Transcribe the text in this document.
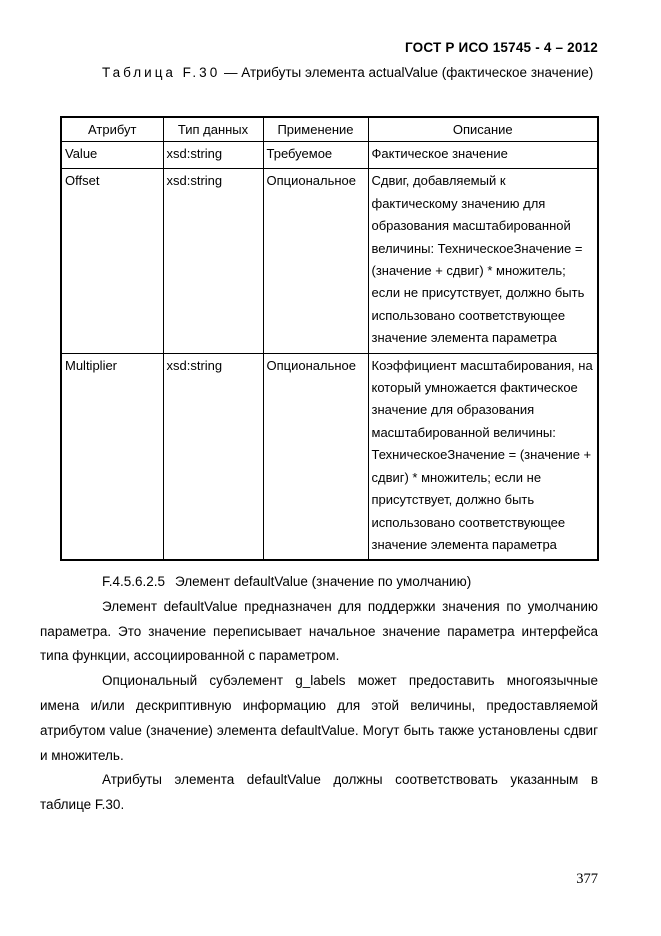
ГОСТ Р ИСО 15745 - 4 – 2012

Таблица F.30 — Атрибуты элемента actualValue (фактическое значение)

Атрибут	Тип данных	Применение	Описание
Value	xsd:string	Требуемое	Фактическое значение
Offset	xsd:string	Опциональное	Сдвиг, добавляемый к фактическому значению для образования масштабированной величины: ТехническоеЗначение = (значение + сдвиг) * множитель; если не присутствует, должно быть использовано соответствующее значение элемента параметра
Multiplier	xsd:string	Опциональное	Коэффициент масштабирования, на который умножается фактическое значение для образования масштабированной величины: ТехническоеЗначение = (значение + сдвиг) * множитель; если не присутствует, должно быть использовано соответствующее значение элемента параметра

F.4.5.6.2.5 Элемент defaultValue (значение по умолчанию)

Элемент defaultValue предназначен для поддержки значения по умолчанию параметра. Это значение переписывает начальное значение параметра интерфейса типа функции, ассоциированной с параметром.

Опциональный субэлемент g_labels может предоставить многоязычные имена и/или дескриптивную информацию для этой величины, предоставляемой атрибутом value (значение) элемента defaultValue. Могут быть также установлены сдвиг и множитель.

Атрибуты элемента defaultValue должны соответствовать указанным в таблице F.30.

377
